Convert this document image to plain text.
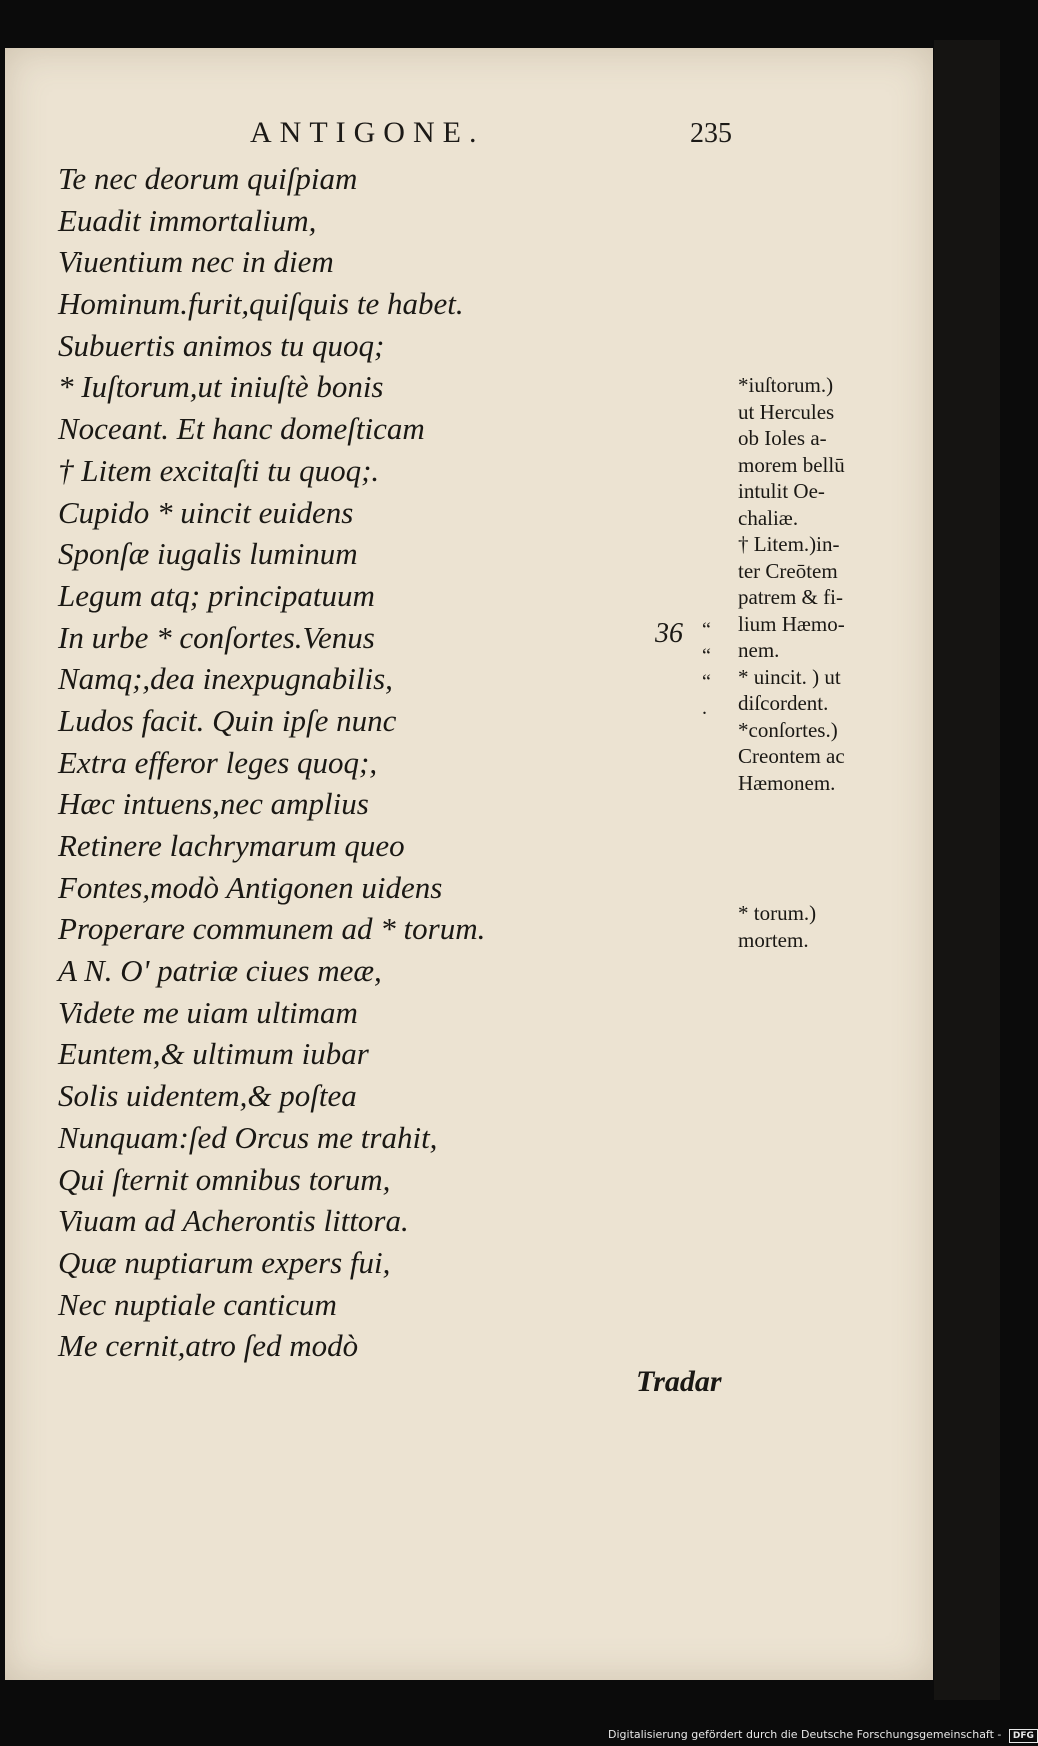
ANTIGONE.	235
Te nec deorum quiſpiam
Euadit immortalium,
Viuentium nec in diem
Hominum.furit,quiſquis te habet.
Subuertis animos tu quoq;
* Iuſtorum,ut iniuſtè bonis
Noceant. Et hanc domeſticam
† Litem excitaſti tu quoq;.
Cupido * uincit euidens
Sponſæ iugalis luminum
Legum atq; principatuum
In urbe * conſortes.Venus
Namq;,dea inexpugnabilis,
Ludos facit. Quin ipſe nunc
Extra efferor leges quoq;,
Hæc intuens,nec amplius
Retinere lachrymarum queo
Fontes,modò Antigonen uidens
Properare communem ad * torum.
A N. O' patriæ ciues meæ,
Videte me uiam ultimam
Euntem,& ultimum iubar
Solis uidentem,& poſtea
Nunquam:ſed Orcus me trahit,
Qui ſternit omnibus torum,
Viuam ad Acherontis littora.
Quæ nuptiarum expers fui,
Nec nuptiale canticum
Me cernit,atro ſed modò
36 “
“
“
.
*iuſtorum.)
ut Hercules
ob Ioles a-
morem bellū
intulit Oe-
chaliæ.
† Litem.)in-
ter Creōtem
patrem & fi-
lium Hæmo-
nem.
* uincit. ) ut
diſcordent.
*conſortes.)
Creontem ac
Hæmonem.
* torum.)
mortem.
Tradar
Digitalisierung gefördert durch die Deutsche Forschungsgemeinschaft - DFG
